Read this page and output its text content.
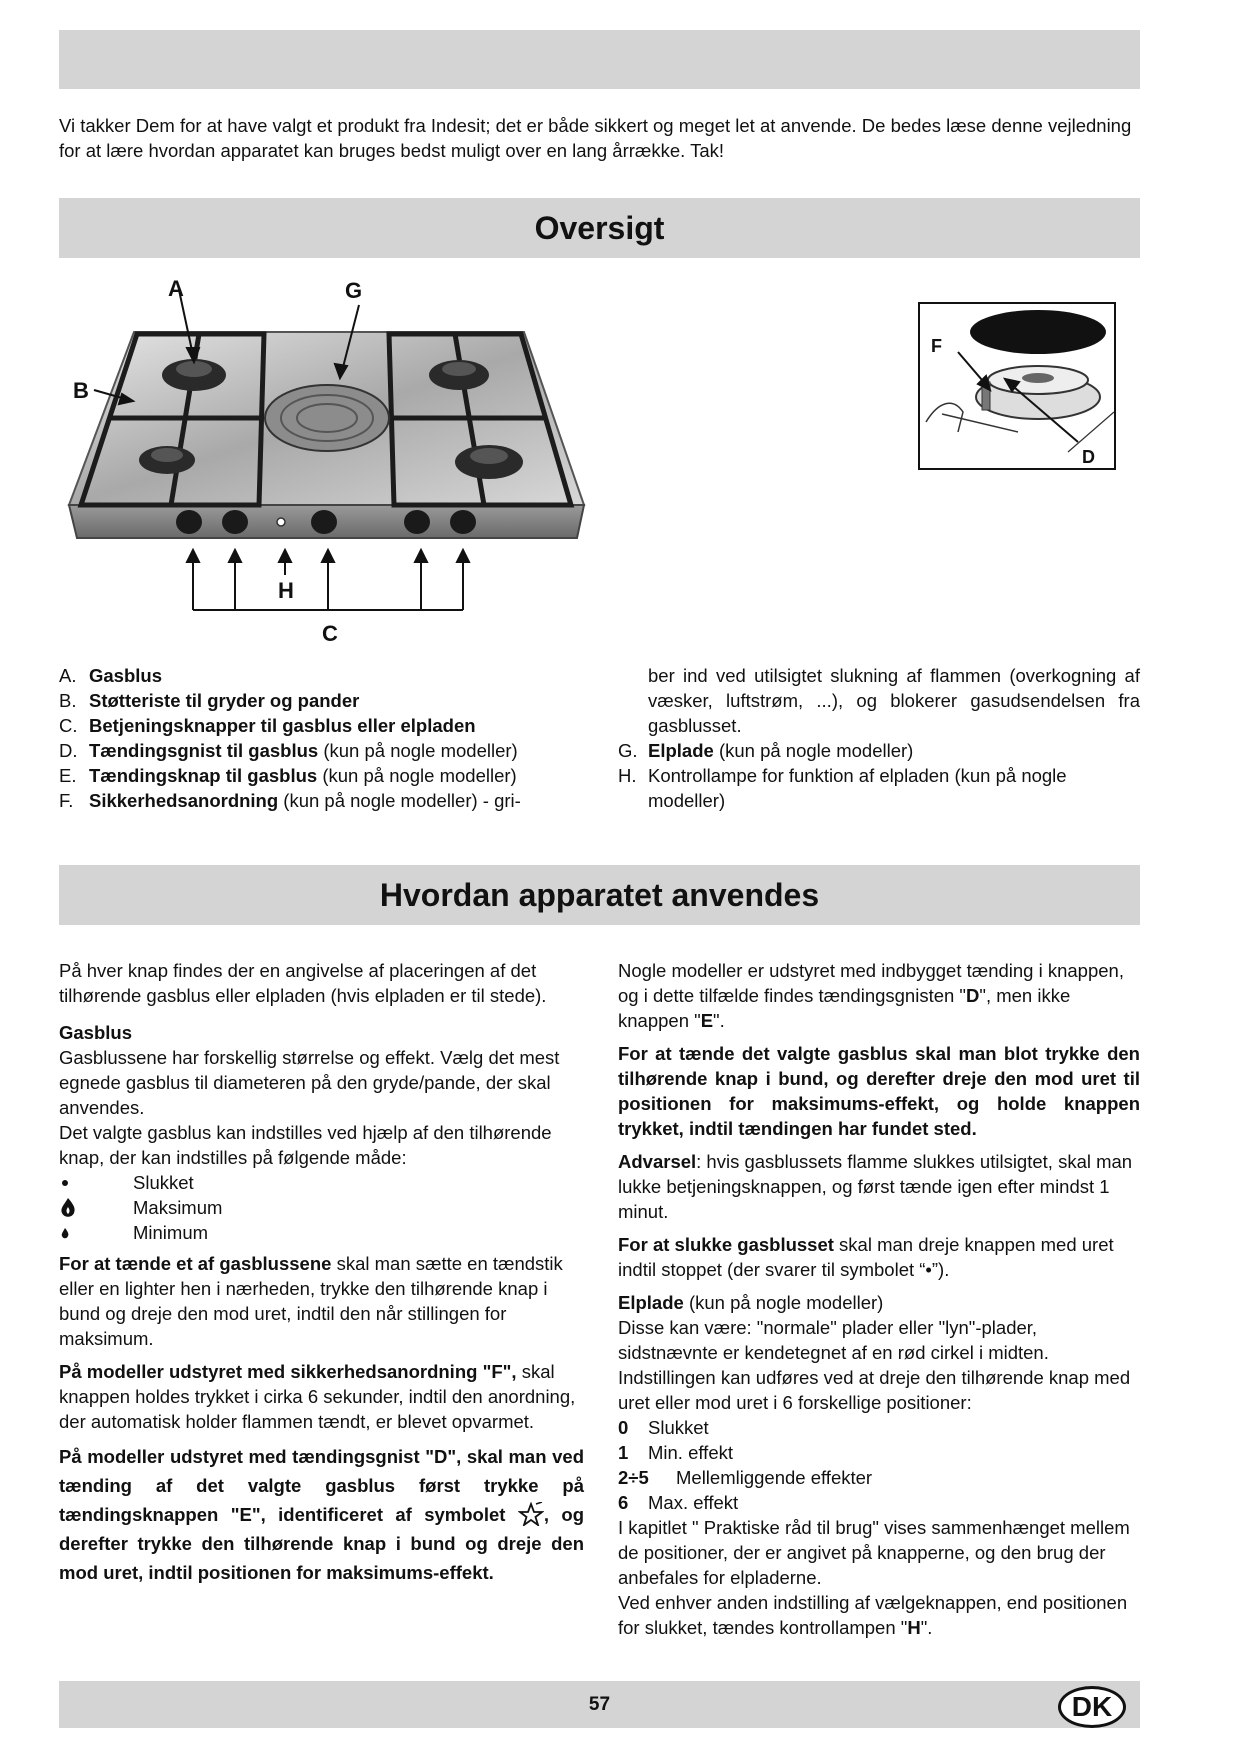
Vi takker Dem for at have valgt et produkt fra Indesit; det er både sikkert og meget let at anvende. De bedes læse denne vejledning for at lære hvordan apparatet kan bruges bedst muligt over en lang årrække. Tak!
Oversigt
A	G
B
H
C
F
D
A. Gasblus
B. Støtteriste til gryder og pander
C. Betjeningsknapper til gasblus eller elpladen
D. Tændingsgnist til gasblus (kun på nogle modeller)
E. Tændingsknap til gasblus (kun på nogle modeller)
F. Sikkerhedsanordning (kun på nogle modeller) - gri-
ber ind ved utilsigtet slukning af flammen (overkogning af væsker, luftstrøm, ...), og blokerer gasudsendelsen fra gasblusset.
G. Elplade (kun på nogle modeller)
H. Kontrollampe for funktion af elpladen (kun på nogle modeller)
Hvordan apparatet anvendes

På hver knap findes der en angivelse af placeringen af det tilhørende gasblus eller elpladen (hvis elpladen er til stede).

Gasblus
Gasblussene har forskellig størrelse og effekt. Vælg det mest egnede gasblus til diameteren på den gryde/pande, der skal anvendes.
Det valgte gasblus kan indstilles ved hjælp af den tilhørende knap, der kan indstilles på følgende måde:
Slukket
Maksimum
Minimum

For at tænde et af gasblussene skal man sætte en tændstik eller en lighter hen i nærheden, trykke den tilhørende knap i bund og dreje den mod uret, indtil den når stillingen for maksimum.

På modeller udstyret med sikkerhedsanordning "F", skal knappen holdes trykket i cirka 6 sekunder, indtil den anordning, der automatisk holder flammen tændt, er blevet opvarmet.

På modeller udstyret med tændingsgnist "D", skal man ved tænding af det valgte gasblus først trykke på tændingsknappen "E", identificeret af symbolet , og derefter trykke den tilhørende knap i bund og dreje den mod uret, indtil positionen for maksimums-effekt.

Nogle modeller er udstyret med indbygget tænding i knappen, og i dette tilfælde findes tændingsgnisten "D", men ikke knappen "E".

For at tænde det valgte gasblus skal man blot trykke den tilhørende knap i bund, og derefter dreje den mod uret til positionen for maksimums-effekt, og holde knappen trykket, indtil tændingen har fundet sted.

Advarsel: hvis gasblussets flamme slukkes utilsigtet, skal man lukke betjeningsknappen, og først tænde igen efter mindst 1 minut.

For at slukke gasblusset skal man dreje knappen med uret indtil stoppet (der svarer til symbolet “•”).

Elplade (kun på nogle modeller)
Disse kan være: "normale" plader eller "lyn"-plader, sidstnævnte er kendetegnet af en rød cirkel i midten.
Indstillingen kan udføres ved at dreje den tilhørende knap med uret eller mod uret i 6 forskellige positioner:
0	Slukket
1	Min. effekt
2÷5	Mellemliggende effekter
6	Max. effekt
I kapitlet " Praktiske råd til brug" vises sammenhænget mellem de positioner, der er angivet på knapperne, og den brug der anbefales for elpladerne.
Ved enhver anden indstilling af vælgeknappen, end positionen for slukket, tændes kontrollampen "H".
57	DK
